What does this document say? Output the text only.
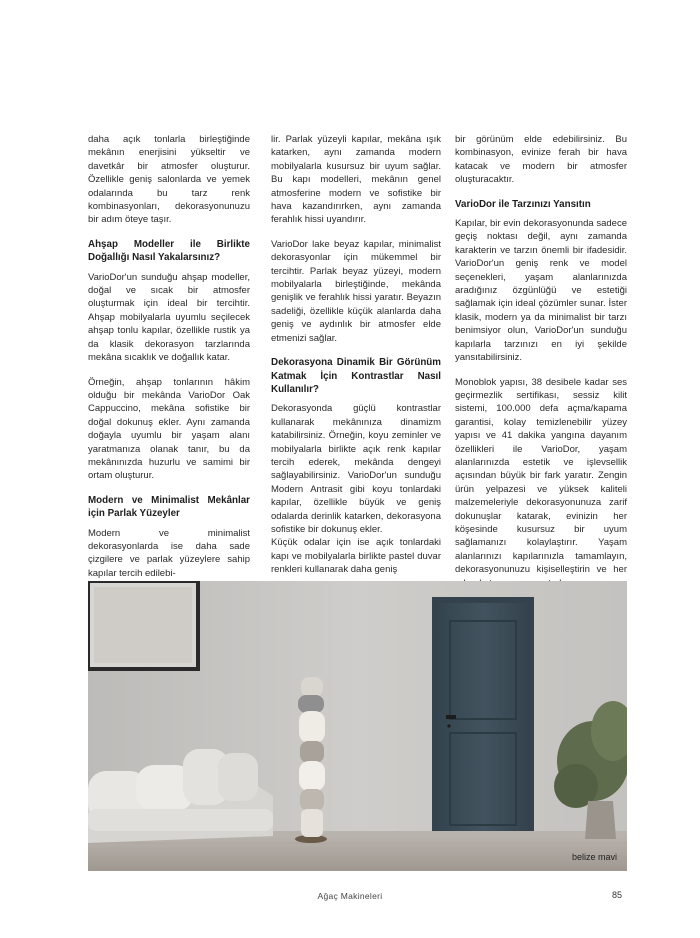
daha açık tonlarla birleştiğinde mekânın enerjisini yükseltir ve davetkâr bir atmosfer oluşturur. Özellikle geniş salonlarda ve yemek odalarında bu tarz renk kombinasyonları, dekorasyonunuzu bir adım öteye taşır.

Ahşap Modeller ile Birlikte Doğallığı Nasıl Yakalarsınız?

VarioDor'un sunduğu ahşap modeller, doğal ve sıcak bir atmosfer oluşturmak için ideal bir tercihtir. Ahşap mobilyalarla uyumlu seçilecek ahşap tonlu kapılar, özellikle rustik ya da klasik dekorasyon tarzlarında mekâna sıcaklık ve doğallık katar.

Örneğin, ahşap tonlarının hâkim olduğu bir mekânda VarioDor Oak Cappuccino, mekâna sofistike bir doğal dokunuş ekler. Aynı zamanda doğayla uyumlu bir yaşam alanı yaratmanıza olanak tanır, bu da mekânınızda huzurlu ve samimi bir ortam oluşturur.

Modern ve Minimalist Mekânlar için Parlak Yüzeyler

Modern ve minimalist dekorasyonlarda ise daha sade çizgilere ve parlak yüzeylere sahip kapılar tercih edilebi-

lir. Parlak yüzeyli kapılar, mekâna ışık katarken, aynı zamanda modern mobilyalarla kusursuz bir uyum sağlar. Bu kapı modelleri, mekânın genel atmosferine modern ve sofistike bir hava kazandırırken, aynı zamanda ferahlık hissi uyandırır.

VarioDor lake beyaz kapılar, minimalist dekorasyonlar için mükemmel bir tercihtir. Parlak beyaz yüzeyi, modern mobilyalarla birleştiğinde, mekânda genişlik ve ferahlık hissi yaratır. Beyazın sadeliği, özellikle küçük alanlarda daha geniş ve aydınlık bir atmosfer elde etmenizi sağlar.

Dekorasyona Dinamik Bir Görünüm Katmak İçin Kontrastlar Nasıl Kullanılır?

Dekorasyonda güçlü kontrastlar kullanarak mekânınıza dinamizm katabilirsiniz. Örneğin, koyu zeminler ve mobilyalarla birlikte açık renk kapılar tercih ederek, mekânda dengeyi sağlayabilirsiniz. VarioDor'un sunduğu Modern Antrasit gibi koyu tonlardaki kapılar, özellikle büyük ve geniş odalarda derinlik katarken, dekorasyona sofistike bir dokunuş ekler.

Küçük odalar için ise açık tonlardaki kapı ve mobilyalarla birlikte pastel duvar renkleri kullanarak daha geniş

bir görünüm elde edebilirsiniz. Bu kombinasyon, evinize ferah bir hava katacak ve modern bir atmosfer oluşturacaktır.

VarioDor ile Tarzınızı Yansıtın

Kapılar, bir evin dekorasyonunda sadece geçiş noktası değil, aynı zamanda karakterin ve tarzın önemli bir ifadesidir. VarioDor'un geniş renk ve model seçenekleri, yaşam alanlarınızda aradığınız özgünlüğü ve estetiği sağlamak için ideal çözümler sunar. İster klasik, modern ya da minimalist bir tarzı benimsiyor olun, VarioDor'un sunduğu kapılarla tarzınızı en iyi şekilde yansıtabilirsiniz.

Monoblok yapısı, 38 desibele kadar ses geçirmezlik sertifikası, sessiz kilit sistemi, 100.000 defa açma/kapama garantisi, kolay temizlenebilir yüzey yapısı ve 41 dakika yangına dayanım özellikleri ile VarioDor, yaşam alanlarınızda estetik ve işlevsellik açısından büyük bir fark yaratır. Zengin ürün yelpazesi ve yüksek kaliteli malzemeleriyle dekorasyonunuza zarif dokunuşlar katarak, evinizin her köşesinde kusursuz bir uyum sağlamanızı kolaylaştırır. Yaşam alanlarınızı kapılarınızla tamamlayın, dekorasyonunuzu kişiselleştirin ve her

belize mavi
Ağaç Makineleri	85
